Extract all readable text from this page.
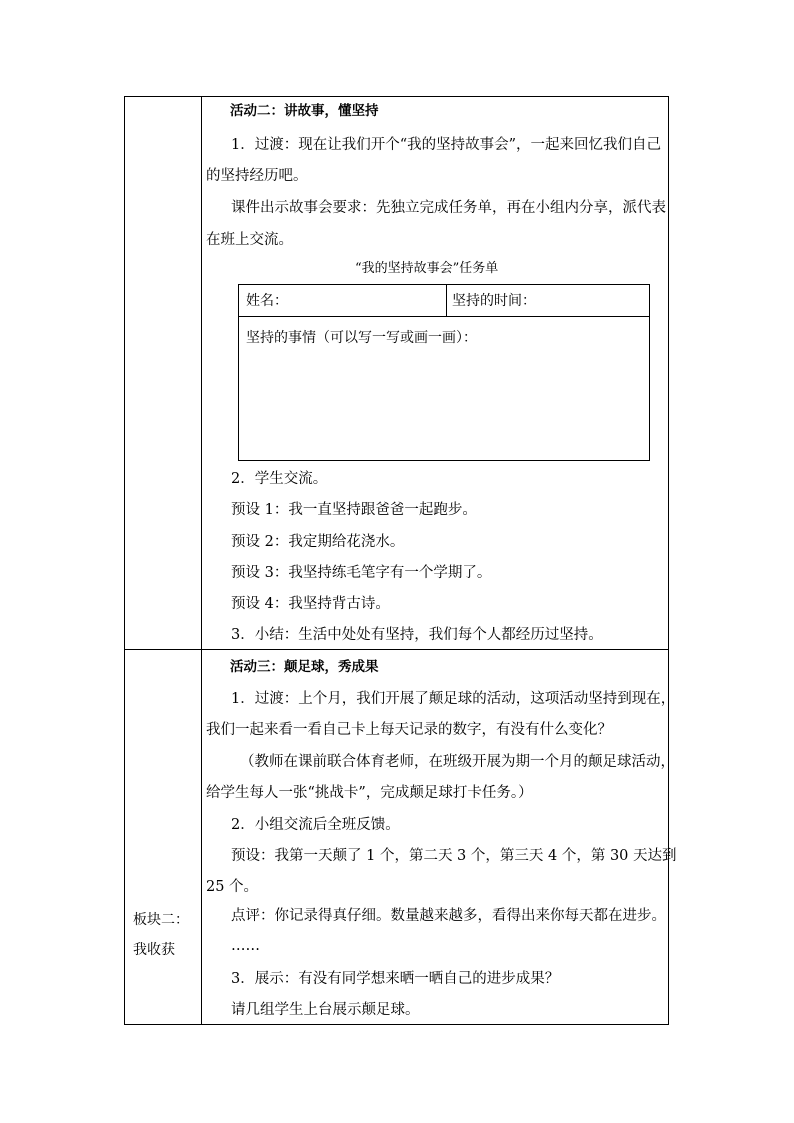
板块二：
我收获
活动二：讲故事，懂坚持
1．过渡：现在让我们开个“我的坚持故事会”，一起来回忆我们自己
的坚持经历吧。
课件出示故事会要求：先独立完成任务单，再在小组内分享，派代表
在班上交流。
“我的坚持故事会”任务单
姓名：	坚持的时间：
坚持的事情（可以写一写或画一画）：
2．学生交流。
预设 1：我一直坚持跟爸爸一起跑步。
预设 2：我定期给花浇水。
预设 3：我坚持练毛笔字有一个学期了。
预设 4：我坚持背古诗。
3．小结：生活中处处有坚持，我们每个人都经历过坚持。
活动三：颠足球，秀成果
1．过渡：上个月，我们开展了颠足球的活动，这项活动坚持到现在，
我们一起来看一看自己卡上每天记录的数字，有没有什么变化？
（教师在课前联合体育老师，在班级开展为期一个月的颠足球活动，
给学生每人一张“挑战卡”，完成颠足球打卡任务。）
2．小组交流后全班反馈。
预设：我第一天颠了 1 个，第二天 3 个，第三天 4 个，第 30 天达到
25 个。
点评：你记录得真仔细。数量越来越多，看得出来你每天都在进步。
……
3．展示：有没有同学想来晒一晒自己的进步成果？
请几组学生上台展示颠足球。
